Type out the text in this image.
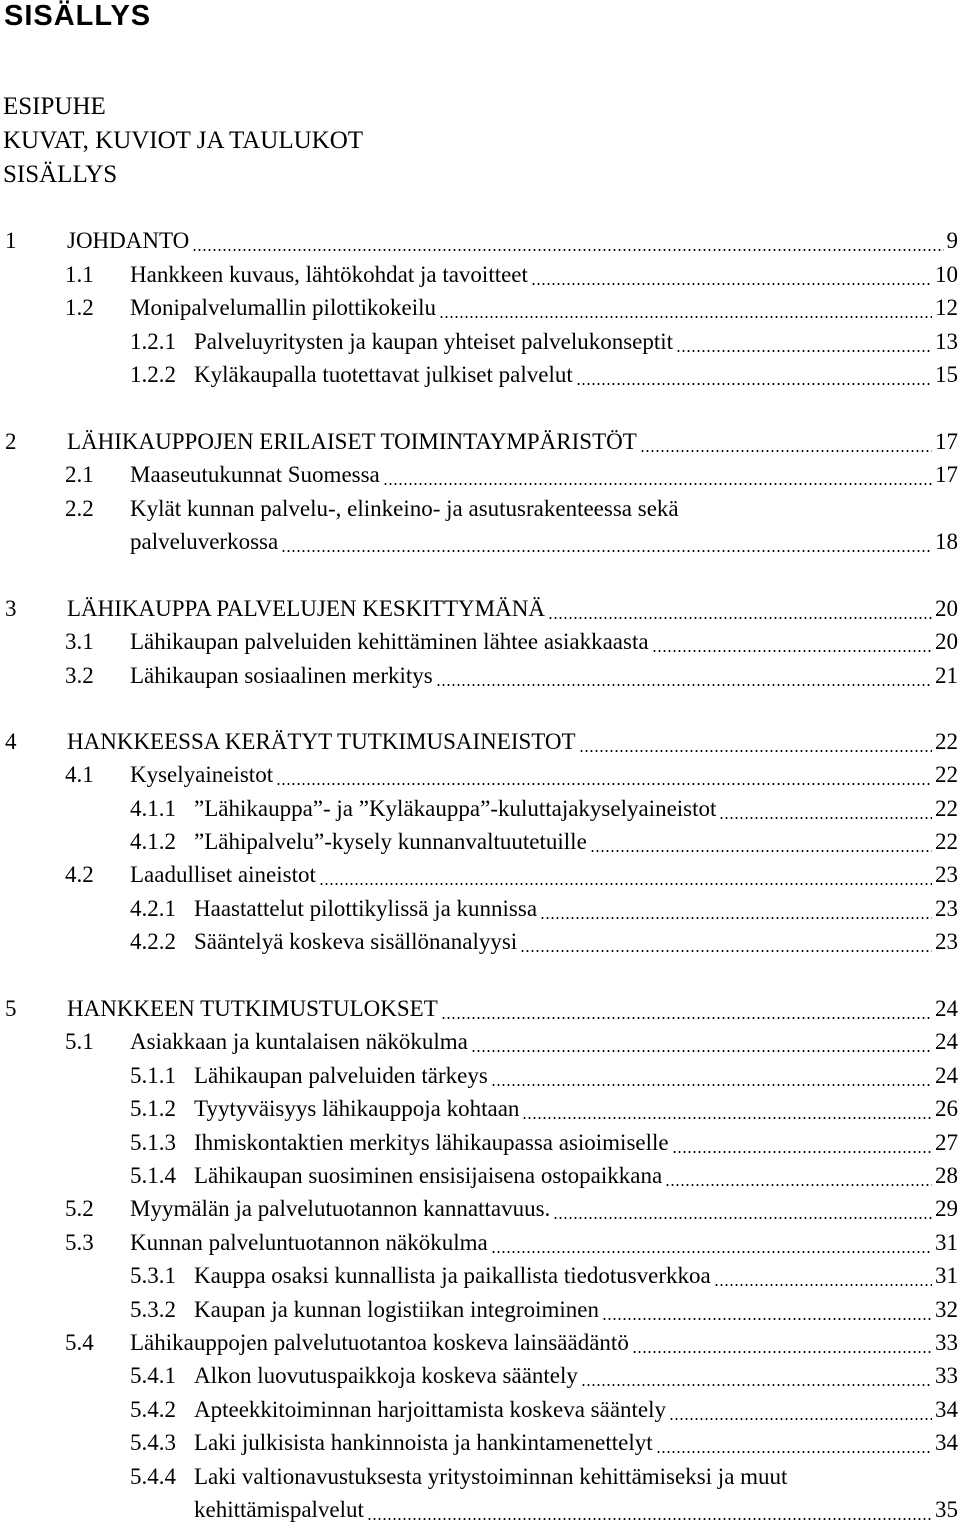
SISÄLLYS
ESIPUHE
KUVAT, KUVIOT JA TAULUKOT
SISÄLLYS
1 JOHDANTO	9
1.1 Hankkeen kuvaus, lähtökohdat ja tavoitteet	10
1.2 Monipalvelumallin pilottikokeilu	12
1.2.1 Palveluyritysten ja kaupan yhteiset palvelukonseptit	13
1.2.2 Kyläkaupalla tuotettavat julkiset palvelut	15
2 LÄHIKAUPPOJEN ERILAISET TOIMINTAYMPÄRISTÖT	17
2.1 Maaseutukunnat Suomessa	17
2.2 Kylät kunnan palvelu-, elinkeino- ja asutusrakenteessa sekä
palveluverkossa	18
3 LÄHIKAUPPA PALVELUJEN KESKITTYMÄNÄ	20
3.1 Lähikaupan palveluiden kehittäminen lähtee asiakkaasta	20
3.2 Lähikaupan sosiaalinen merkitys	21
4 HANKKEESSA KERÄTYT TUTKIMUSAINEISTOT	22
4.1 Kyselyaineistot	22
4.1.1 ”Lähikauppa”- ja ”Kyläkauppa”-kuluttajakyselyaineistot	22
4.1.2 ”Lähipalvelu”-kysely kunnanvaltuutetuille	22
4.2 Laadulliset aineistot	23
4.2.1 Haastattelut pilottikylissä ja kunnissa	23
4.2.2 Sääntelyä koskeva sisällönanalyysi	23
5 HANKKEEN TUTKIMUSTULOKSET	24
5.1 Asiakkaan ja kuntalaisen näkökulma	24
5.1.1 Lähikaupan palveluiden tärkeys	24
5.1.2 Tyytyväisyys lähikauppoja kohtaan	26
5.1.3 Ihmiskontaktien merkitys lähikaupassa asioimiselle	27
5.1.4 Lähikaupan suosiminen ensisijaisena ostopaikkana	28
5.2 Myymälän ja palvelutuotannon kannattavuus.	29
5.3 Kunnan palveluntuotannon näkökulma	31
5.3.1 Kauppa osaksi kunnallista ja paikallista tiedotusverkkoa	31
5.3.2 Kaupan ja kunnan logistiikan integroiminen	32
5.4 Lähikauppojen palvelutuotantoa koskeva lainsäädäntö	33
5.4.1 Alkon luovutuspaikkoja koskeva sääntely	33
5.4.2 Apteekkitoiminnan harjoittamista koskeva sääntely	34
5.4.3 Laki julkisista hankinnoista ja hankintamenettelyt	34
5.4.4 Laki valtionavustuksesta yritystoiminnan kehittämiseksi ja muut
kehittämispalvelut	35
